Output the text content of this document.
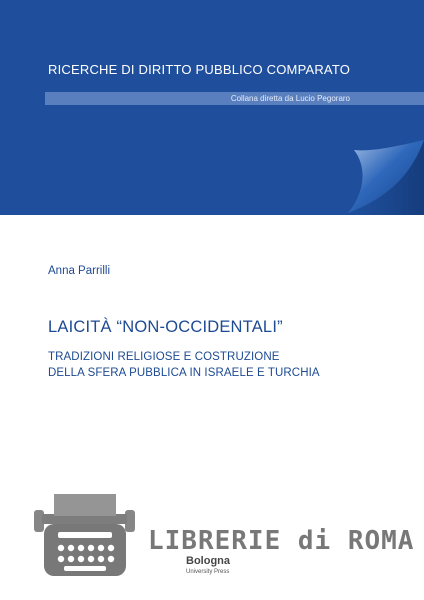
RICERCHE DI DIRITTO PUBBLICO COMPARATO
Collana diretta da Lucio Pegoraro
Anna Parrilli
LAICITÀ “NON-OCCIDENTALI”
TRADIZIONI RELIGIOSE E COSTRUZIONE
DELLA SFERA PUBBLICA IN ISRAELE E TURCHIA
LIBRERIE di ROMA
Bologna
University Press
